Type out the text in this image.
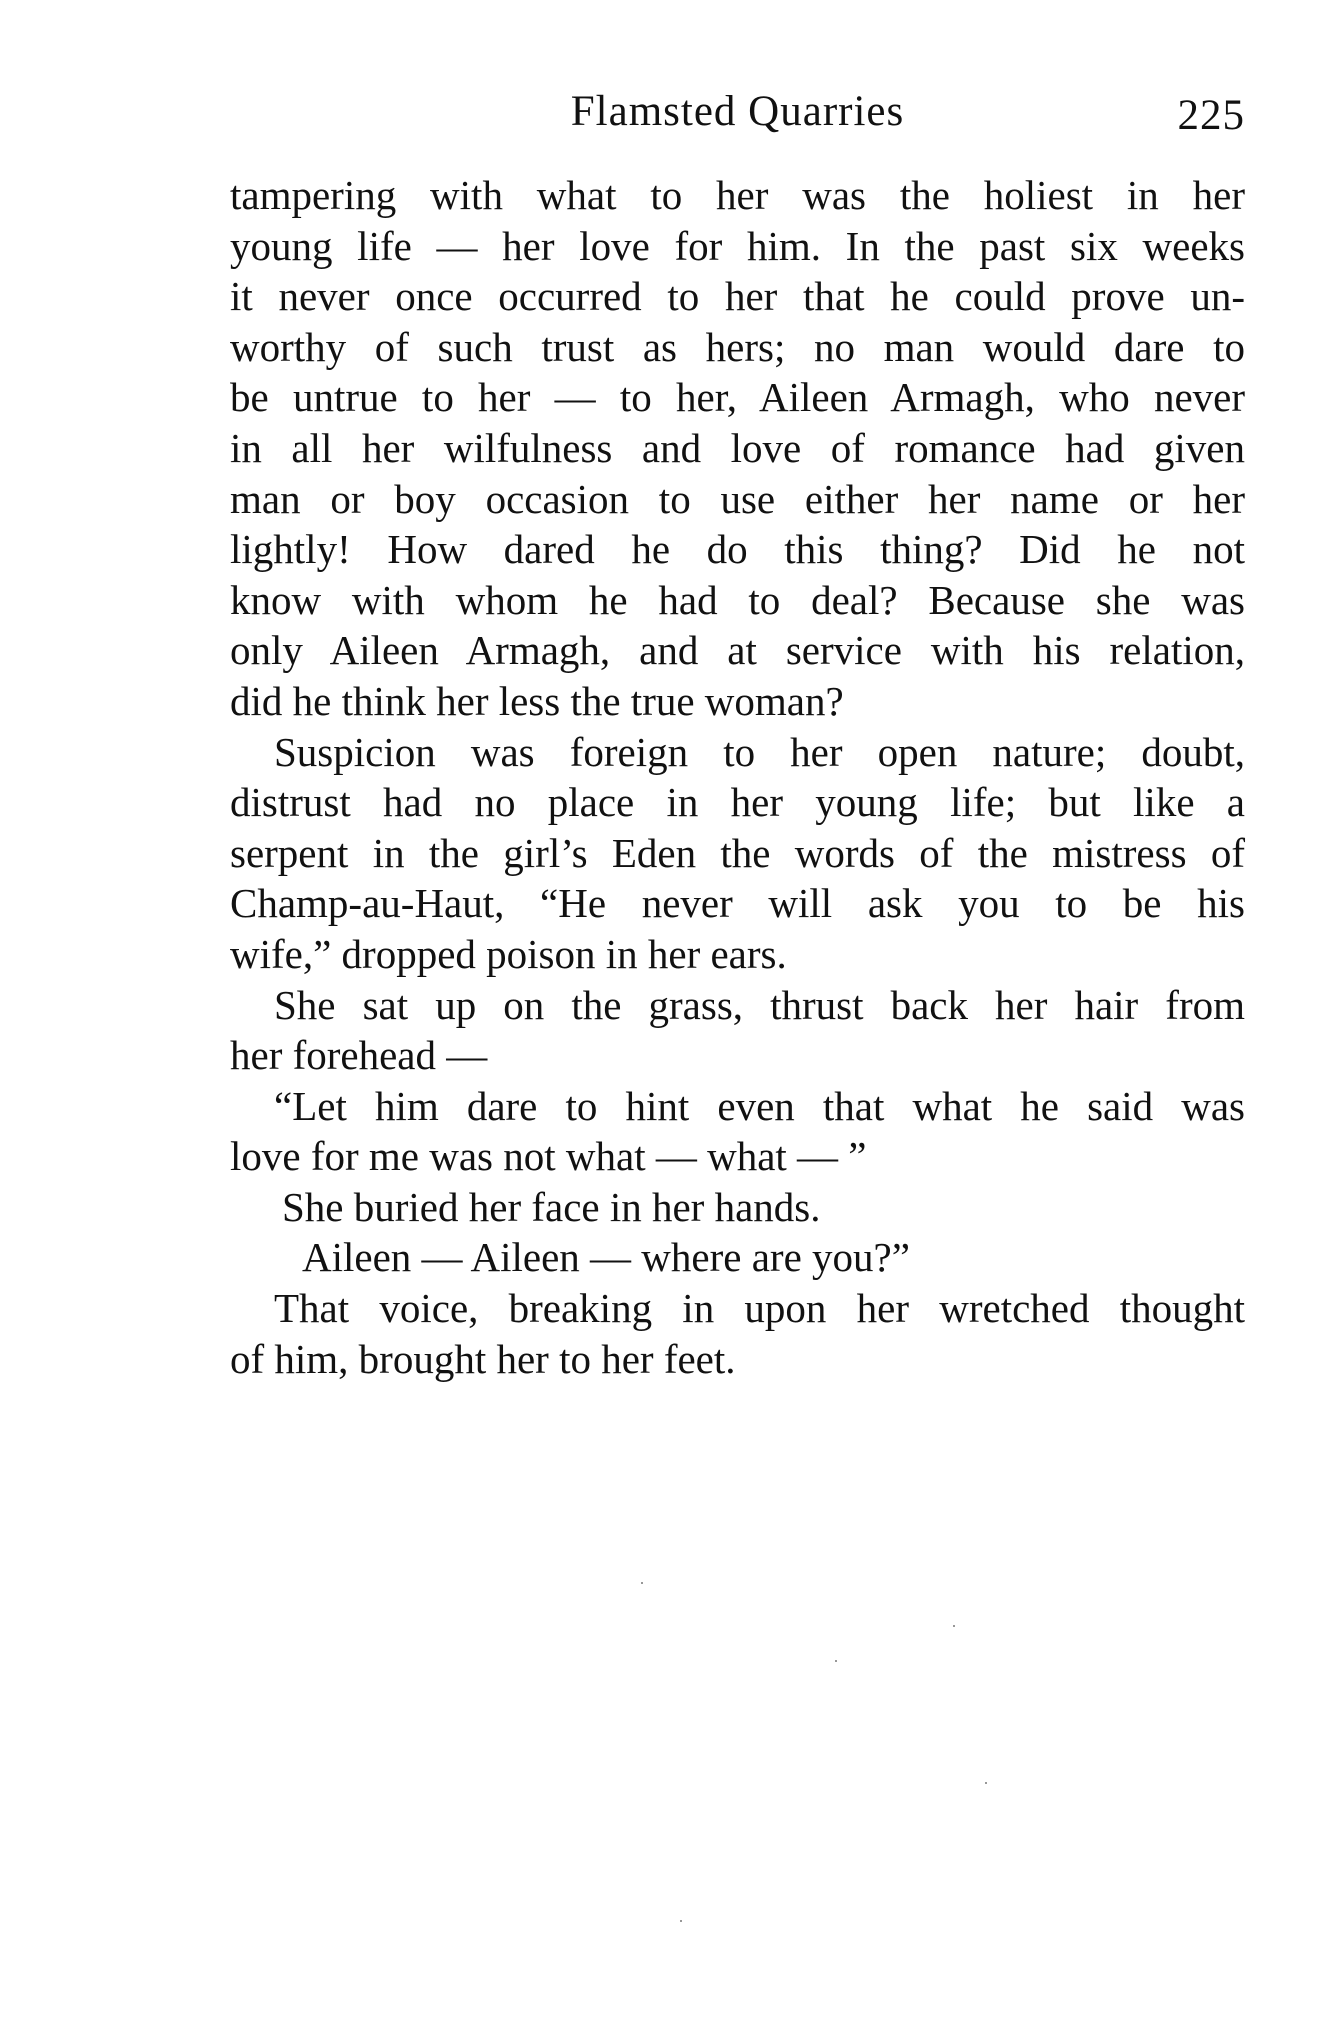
Flamsted Quarries	225
tampering with what to her was the holiest in her
young life — her love for him. In the past six weeks
it never once occurred to her that he could prove un-
worthy of such trust as hers; no man would dare to
be untrue to her — to her, Aileen Armagh, who never
in all her wilfulness and love of romance had given
man or boy occasion to use either her name or her
lightly! How dared he do this thing? Did he not
know with whom he had to deal? Because she was
only Aileen Armagh, and at service with his relation,
did he think her less the true woman?
Suspicion was foreign to her open nature; doubt,
distrust had no place in her young life; but like a
serpent in the girl’s Eden the words of the mistress of
Champ-au-Haut, “He never will ask you to be his
wife,” dropped poison in her ears.
She sat up on the grass, thrust back her hair from
her forehead —
“Let him dare to hint even that what he said was
love for me was not what — what — ”
She buried her face in her hands.
Aileen — Aileen — where are you?”
That voice, breaking in upon her wretched thought
of him, brought her to her feet.
